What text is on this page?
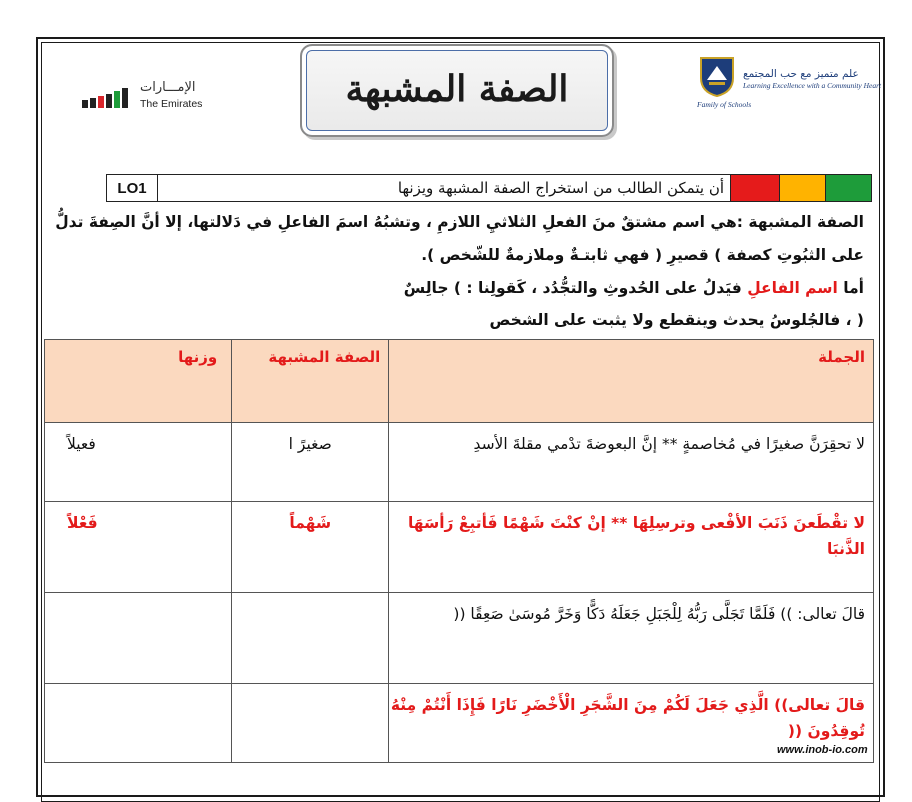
الإمـــارات
The Emirates	الصفة المشبهة	علم متميز مع حب المجتمع
Learning Excellence with a Community Heart
Family of Schools
LO1	أن يتمكن الطالب من استخراج الصفة المشبهة ويزنها			
الصفة المشبهة :هي اسم مشتقٌ منَ الفعلِ الثلاثيِ اللازمِ ، وتشبُهُ اسمَ الفاعلِ في دَلالتها، إلا أنَّ الصِفةَ تدلُّ
على الثبُوتِ كصفة ) قصيرِ ( فهي ثابتـةٌ وملازمةٌ للشّخص ).
أما اسم الفاعلِ فيَدلُ على الحُدوثِ والتجُّدُد ، كَقولِنا : ) جالِسٌ
( ، فالجُلوسُ يحدث وينقطع ولا يثبت على الشخص
الجملة	الصفة المشبهة	وزنها
لا تحقِرَنَّ صغيرًا في مُخاصمةٍ ** إنَّ البعوضةَ تدْمي مقلةَ الأسدِ	صغيرً ا	فعيلاً
لا تقْطَعنَ ذَنَبَ الأفْعى وترسِلِهَا ** إنْ كنْتَ شَهْمًا فَأتبِعْ رَأسَهَا الذَّنبَا	شَهْماً	فَعْلاً
قالَ تعالى: )) فَلَمَّا تَجَلَّى رَبُّهُ لِلْجَبَلِ جَعَلَهُ دَكًّا وَخَرَّ مُوسَىٰ صَعِقًا ((		
قالَ تعالى)) الَّذِي جَعَلَ لَكُمْ مِنَ الشَّجَرِ الْأَخْضَرِ نَارًا فَإِذَا أَنْتُمْ مِنْهُ تُوقِدُونَ ((		
www.inob-io.com
